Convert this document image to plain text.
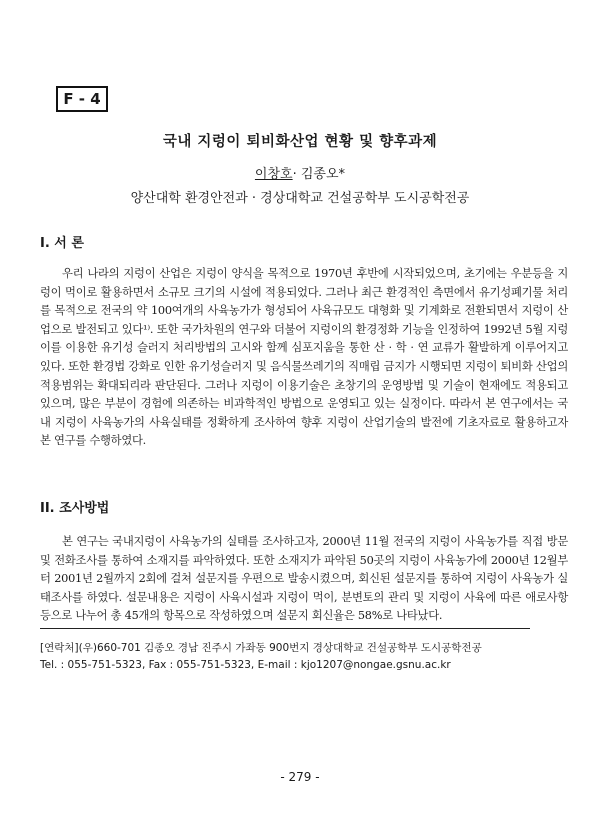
F - 4
국내 지렁이 퇴비화산업 현황 및 향후과제
이창호· 김종오*
양산대학 환경안전과 · 경상대학교 건설공학부 도시공학전공
I. 서 론

우리 나라의 지렁이 산업은 지렁이 양식을 목적으로 1970년 후반에 시작되었으며, 초기에는 우분등을 지렁이 먹이로 활용하면서 소규모 크기의 시설에 적용되었다. 그러나 최근 환경적인 측면에서 유기성폐기물 처리를 목적으로 전국의 약 100여개의 사육농가가 형성되어 사육규모도 대형화 및 기계화로 전환되면서 지렁이 산업으로 발전되고 있다¹⁾. 또한 국가차원의 연구와 더불어 지렁이의 환경정화 기능을 인정하여 1992년 5월 지렁이를 이용한 유기성 슬러지 처리방법의 고시와 함께 심포지움을 통한 산 · 학 · 연 교류가 활발하게 이루어지고 있다. 또한 환경법 강화로 인한 유기성슬러지 및 음식물쓰레기의 직매립 금지가 시행되면 지렁이 퇴비화 산업의 적용범위는 확대되리라 판단된다. 그러나 지렁이 이용기술은 초창기의 운영방법 및 기술이 현재에도 적용되고 있으며, 많은 부분이 경험에 의존하는 비과학적인 방법으로 운영되고 있는 실정이다. 따라서 본 연구에서는 국내 지렁이 사육농가의 사육실태를 정확하게 조사하여 향후 지렁이 산업기술의 발전에 기초자료로 활용하고자 본 연구를 수행하였다.

II. 조사방법

본 연구는 국내지렁이 사육농가의 실태를 조사하고자, 2000년 11월 전국의 지렁이 사육농가를 직접 방문 및 전화조사를 통하여 소재지를 파악하였다. 또한 소재지가 파악된 50곳의 지렁이 사육농가에 2000년 12월부터 2001년 2월까지 2회에 걸쳐 설문지를 우편으로 발송시켰으며, 회신된 설문지를 통하여 지렁이 사육농가 실태조사를 하였다. 설문내용은 지렁이 사육시설과 지렁이 먹이, 분변토의 관리 및 지렁이 사육에 따른 애로사항 등으로 나누어 총 45개의 항목으로 작성하였으며 설문지 회신율은 58%로 나타났다.

[연락처](우)660-701 김종오 경남 진주시 가좌동 900번지 경상대학교 건설공학부 도시공학전공
Tel. : 055-751-5323, Fax : 055-751-5323, E-mail : kjo1207@nongae.gsnu.ac.kr
- 279 -
